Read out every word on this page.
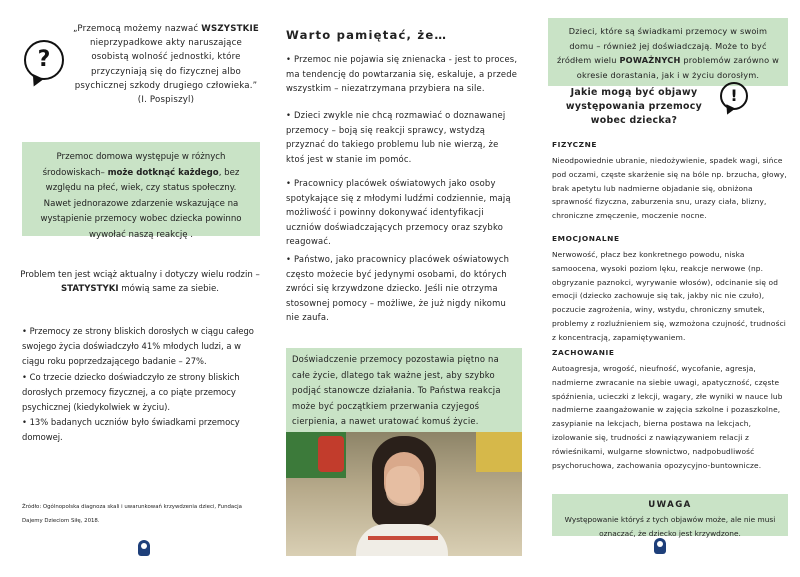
?
„Przemocą możemy nazwać WSZYSTKIE nieprzypadkowe akty naruszające osobistą wolność jednostki, które przyczyniają się do fizycznej albo psychicznej szkody drugiego człowieka.” (I. Pospiszyl)
Przemoc domowa występuje w różnych środowiskach– może dotknąć każdego, bez względu na płeć, wiek, czy status społeczny. Nawet jednorazowe zdarzenie wskazujące na wystąpienie przemocy wobec dziecka powinno wywołać naszą reakcję .
Problem ten jest wciąż aktualny i dotyczy wielu rodzin – STATYSTYKI mówią same za siebie.

• Przemocy ze strony bliskich dorosłych w ciągu całego swojego życia doświadczyło 41% młodych ludzi, a w ciągu roku poprzedzającego badanie – 27%.

• Co trzecie dziecko doświadczyło ze strony bliskich dorosłych przemocy fizycznej, a co piąte przemocy psychicznej (kiedykolwiek w życiu).

• 13% badanych uczniów było świadkami przemocy domowej.

Źródło: Ogólnopolska diagnoza skali i uwarunkowań krzywdzenia dzieci, Fundacja Dajemy Dzieciom Siłę, 2018.
Warto pamiętać, że…
• Przemoc nie pojawia się znienacka - jest to proces, ma tendencję do powtarzania się, eskaluje, a przede wszystkim – niezatrzymana przybiera na sile.
• Dzieci zwykle nie chcą rozmawiać o doznawanej przemocy – boją się reakcji sprawcy, wstydzą przyznać do takiego problemu lub nie wierzą, że ktoś jest w stanie im pomóc.
• Pracownicy placówek oświatowych jako osoby spotykające się z młodymi ludźmi codziennie, mają możliwość i powinny dokonywać identyfikacji uczniów doświadczających przemocy oraz szybko reagować.
• Państwo, jako pracownicy placówek oświatowych często możecie być jedynymi osobami, do których zwróci się krzywdzone dziecko. Jeśli nie otrzyma stosownej pomocy – możliwe, że już nigdy nikomu nie zaufa.
Doświadczenie przemocy pozostawia piętno na całe życie, dlatego tak ważne jest, aby szybko podjąć stanowcze działania. To Państwa reakcja może być początkiem przerwania czyjegoś cierpienia, a nawet uratować komuś życie.
Dzieci, które są świadkami przemocy w swoim domu – również jej doświadczają. Może to być źródłem wielu POWAŻNYCH problemów zarówno w okresie dorastania, jak i w życiu dorosłym.
Jakie mogą być objawy występowania przemocy wobec dziecka?
!
FIZYCZNE
Nieodpowiednie ubranie, niedożywienie, spadek wagi, sińce pod oczami, częste skarżenie się na bóle np. brzucha, głowy, brak apetytu lub nadmierne objadanie się, obniżona sprawność fizyczna, zaburzenia snu, urazy ciała, blizny, chroniczne zmęczenie, moczenie nocne.
EMOCJONALNE
Nerwowość, płacz bez konkretnego powodu, niska samoocena, wysoki poziom lęku, reakcje nerwowe (np. obgryzanie paznokci, wyrywanie włosów), odcinanie się od emocji (dziecko zachowuje się tak, jakby nic nie czuło), poczucie zagrożenia, winy, wstydu, chroniczny smutek, problemy z rozluźnieniem się, wzmożona czujność, trudności z koncentracją, zapamiętywaniem.
ZACHOWANIE
Autoagresja, wrogość, nieufność, wycofanie, agresja, nadmierne zwracanie na siebie uwagi, apatyczność, częste spóźnienia, ucieczki z lekcji, wagary, złe wyniki w nauce lub nadmierne zaangażowanie w zajęcia szkolne i pozaszkolne, zasypianie na lekcjach, bierna postawa na lekcjach, izolowanie się, trudności z nawiązywaniem relacji z rówieśnikami, wulgarne słownictwo, nadpobudliwość psychoruchowa, zachowania opozycyjno-buntownicze.
UWAGA
Występowanie któryś z tych objawów może, ale nie musi oznaczać, że dziecko jest krzywdzone.
